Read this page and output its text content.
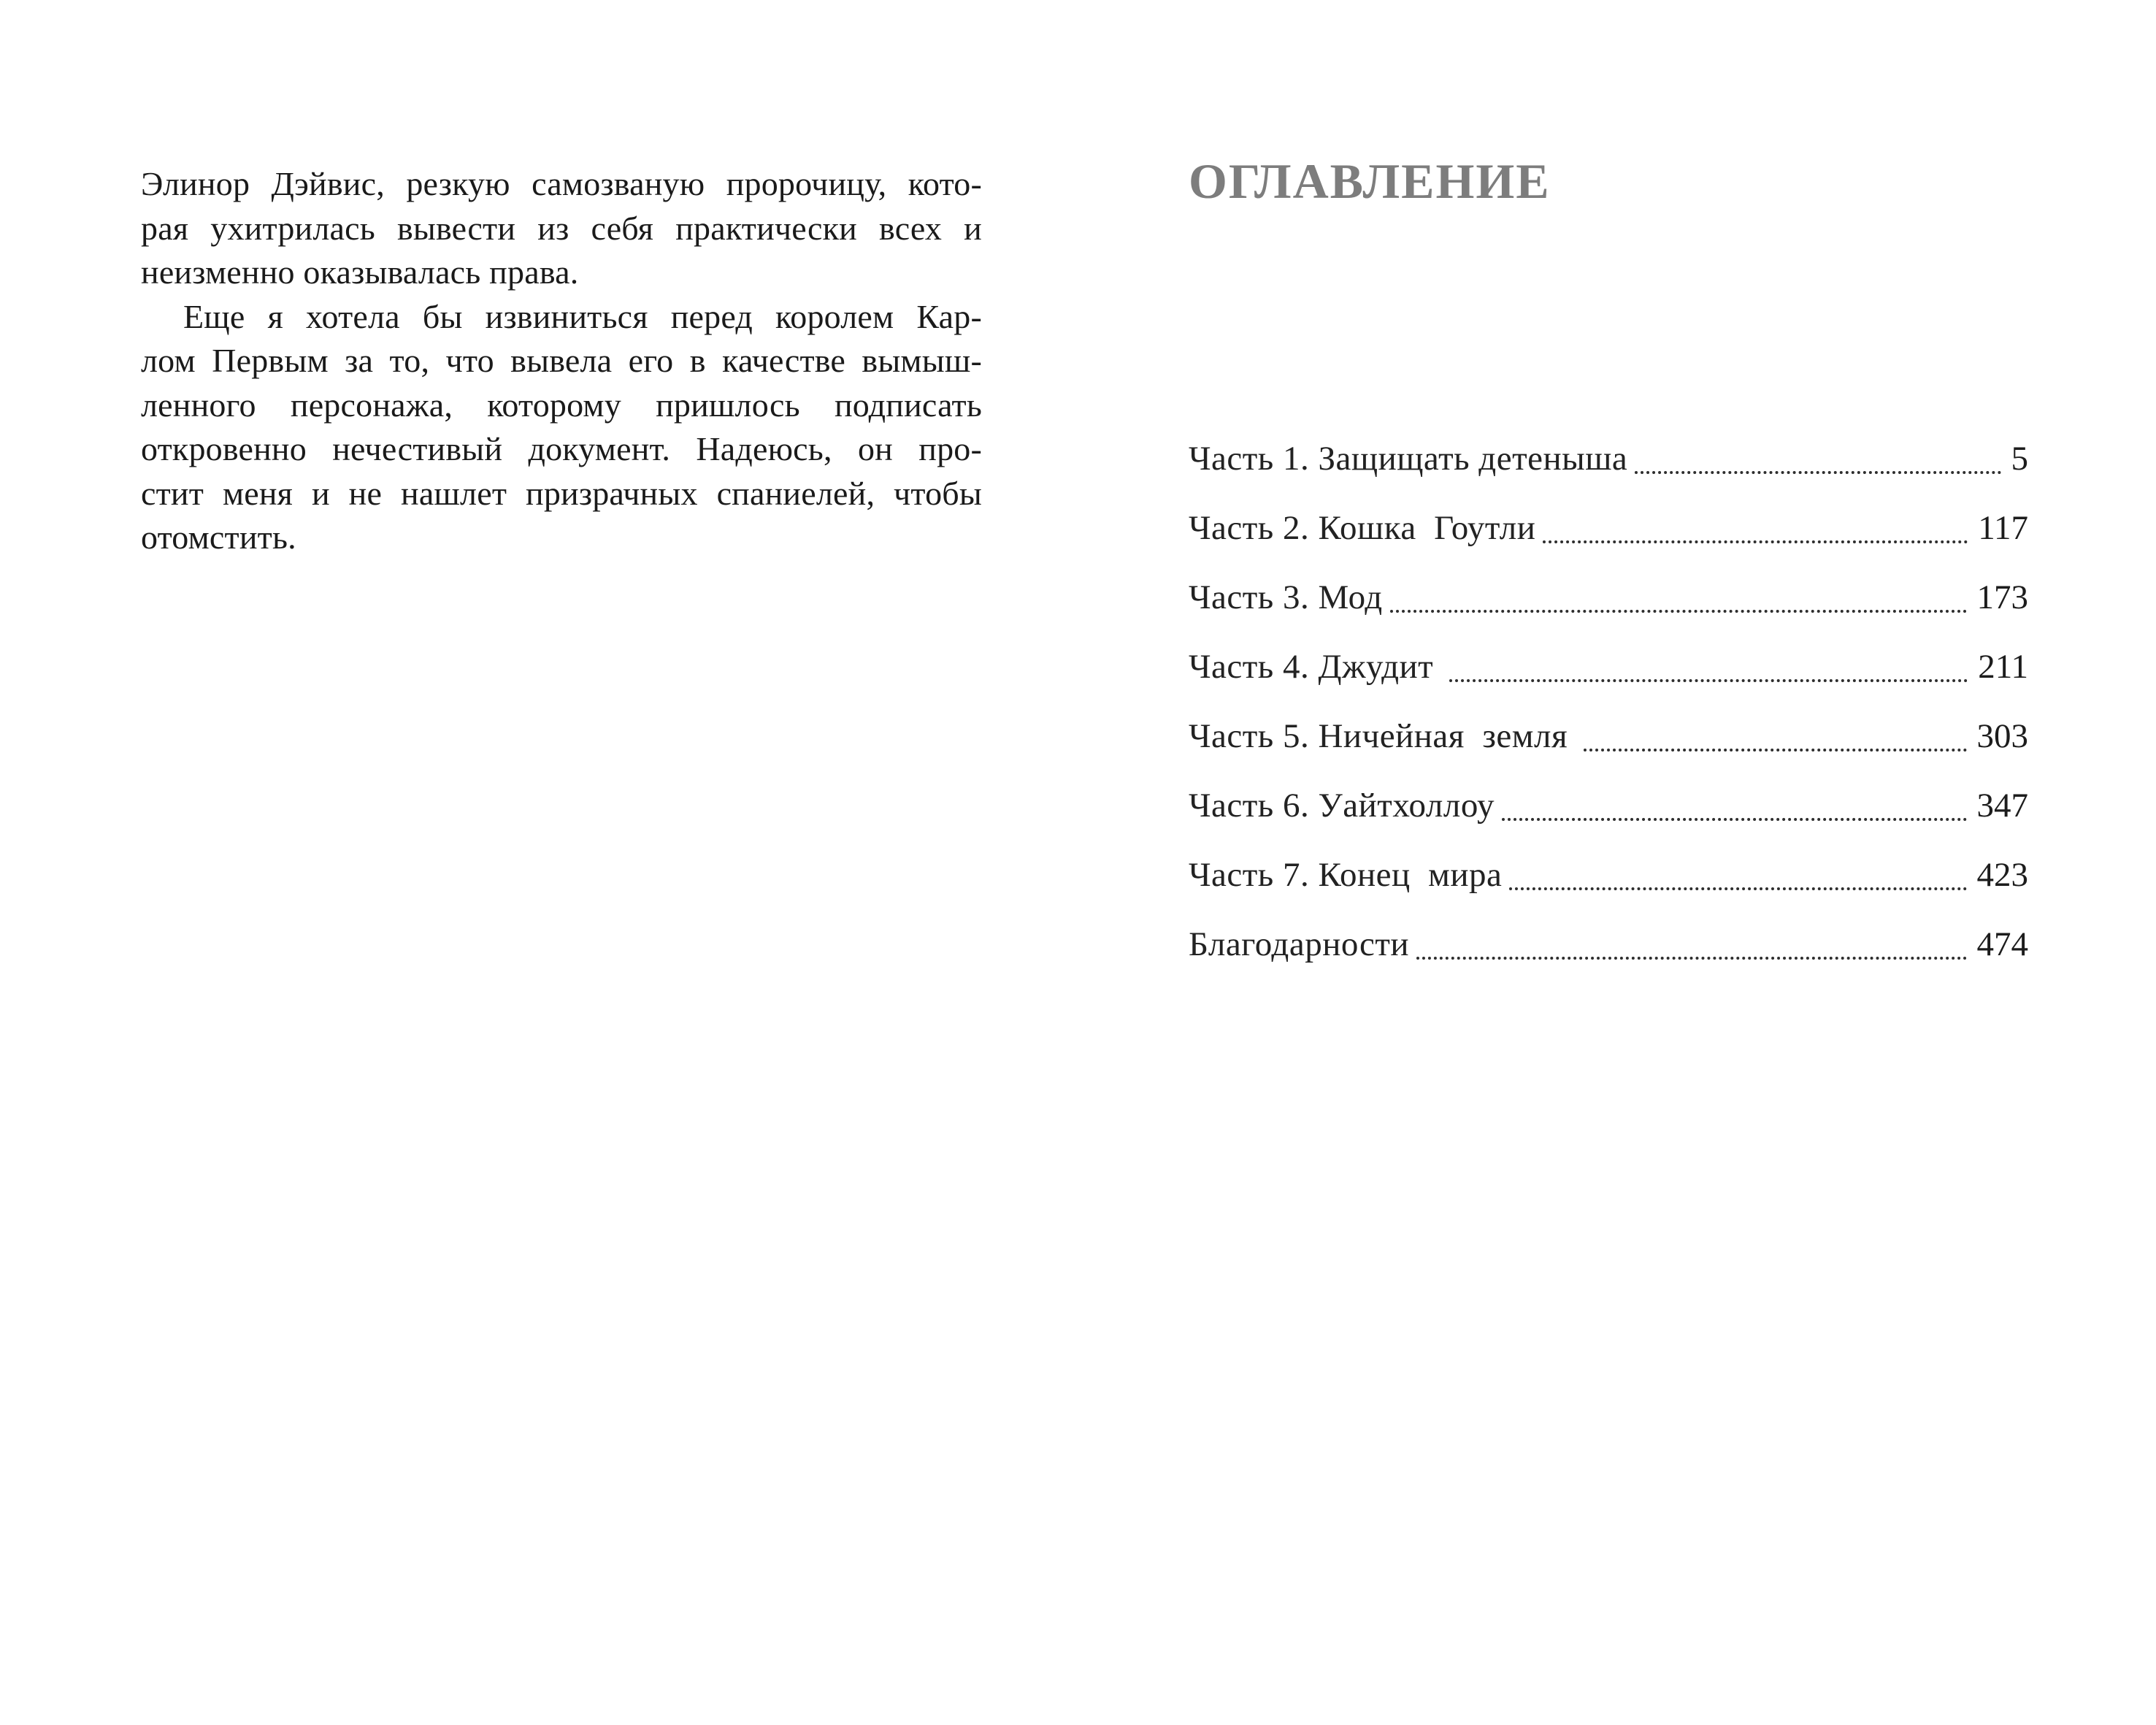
Элинор Дэйвис, резкую самозваную пророчицу, кото-
рая ухитрилась вывести из себя практически всех и
неизменно оказывалась права.
Еще я хотела бы извиниться перед королем Кар-
лом Первым за то, что вывела его в качестве вымыш-
ленного персонажа, которому пришлось подписать
откровенно нечестивый документ. Надеюсь, он про-
стит меня и не нашлет призрачных спаниелей, чтобы
отомстить.
ОГЛАВЛЕНИЕ
Часть 1. Защищать детеныша	5
Часть 2. Кошка  Гоутли	117
Часть 3. Мод	173
Часть 4. Джудит	211
Часть 5. Ничейная  земля	303
Часть 6. Уайтхоллоу	347
Часть 7. Конец  мира	423
Благодарности	474
